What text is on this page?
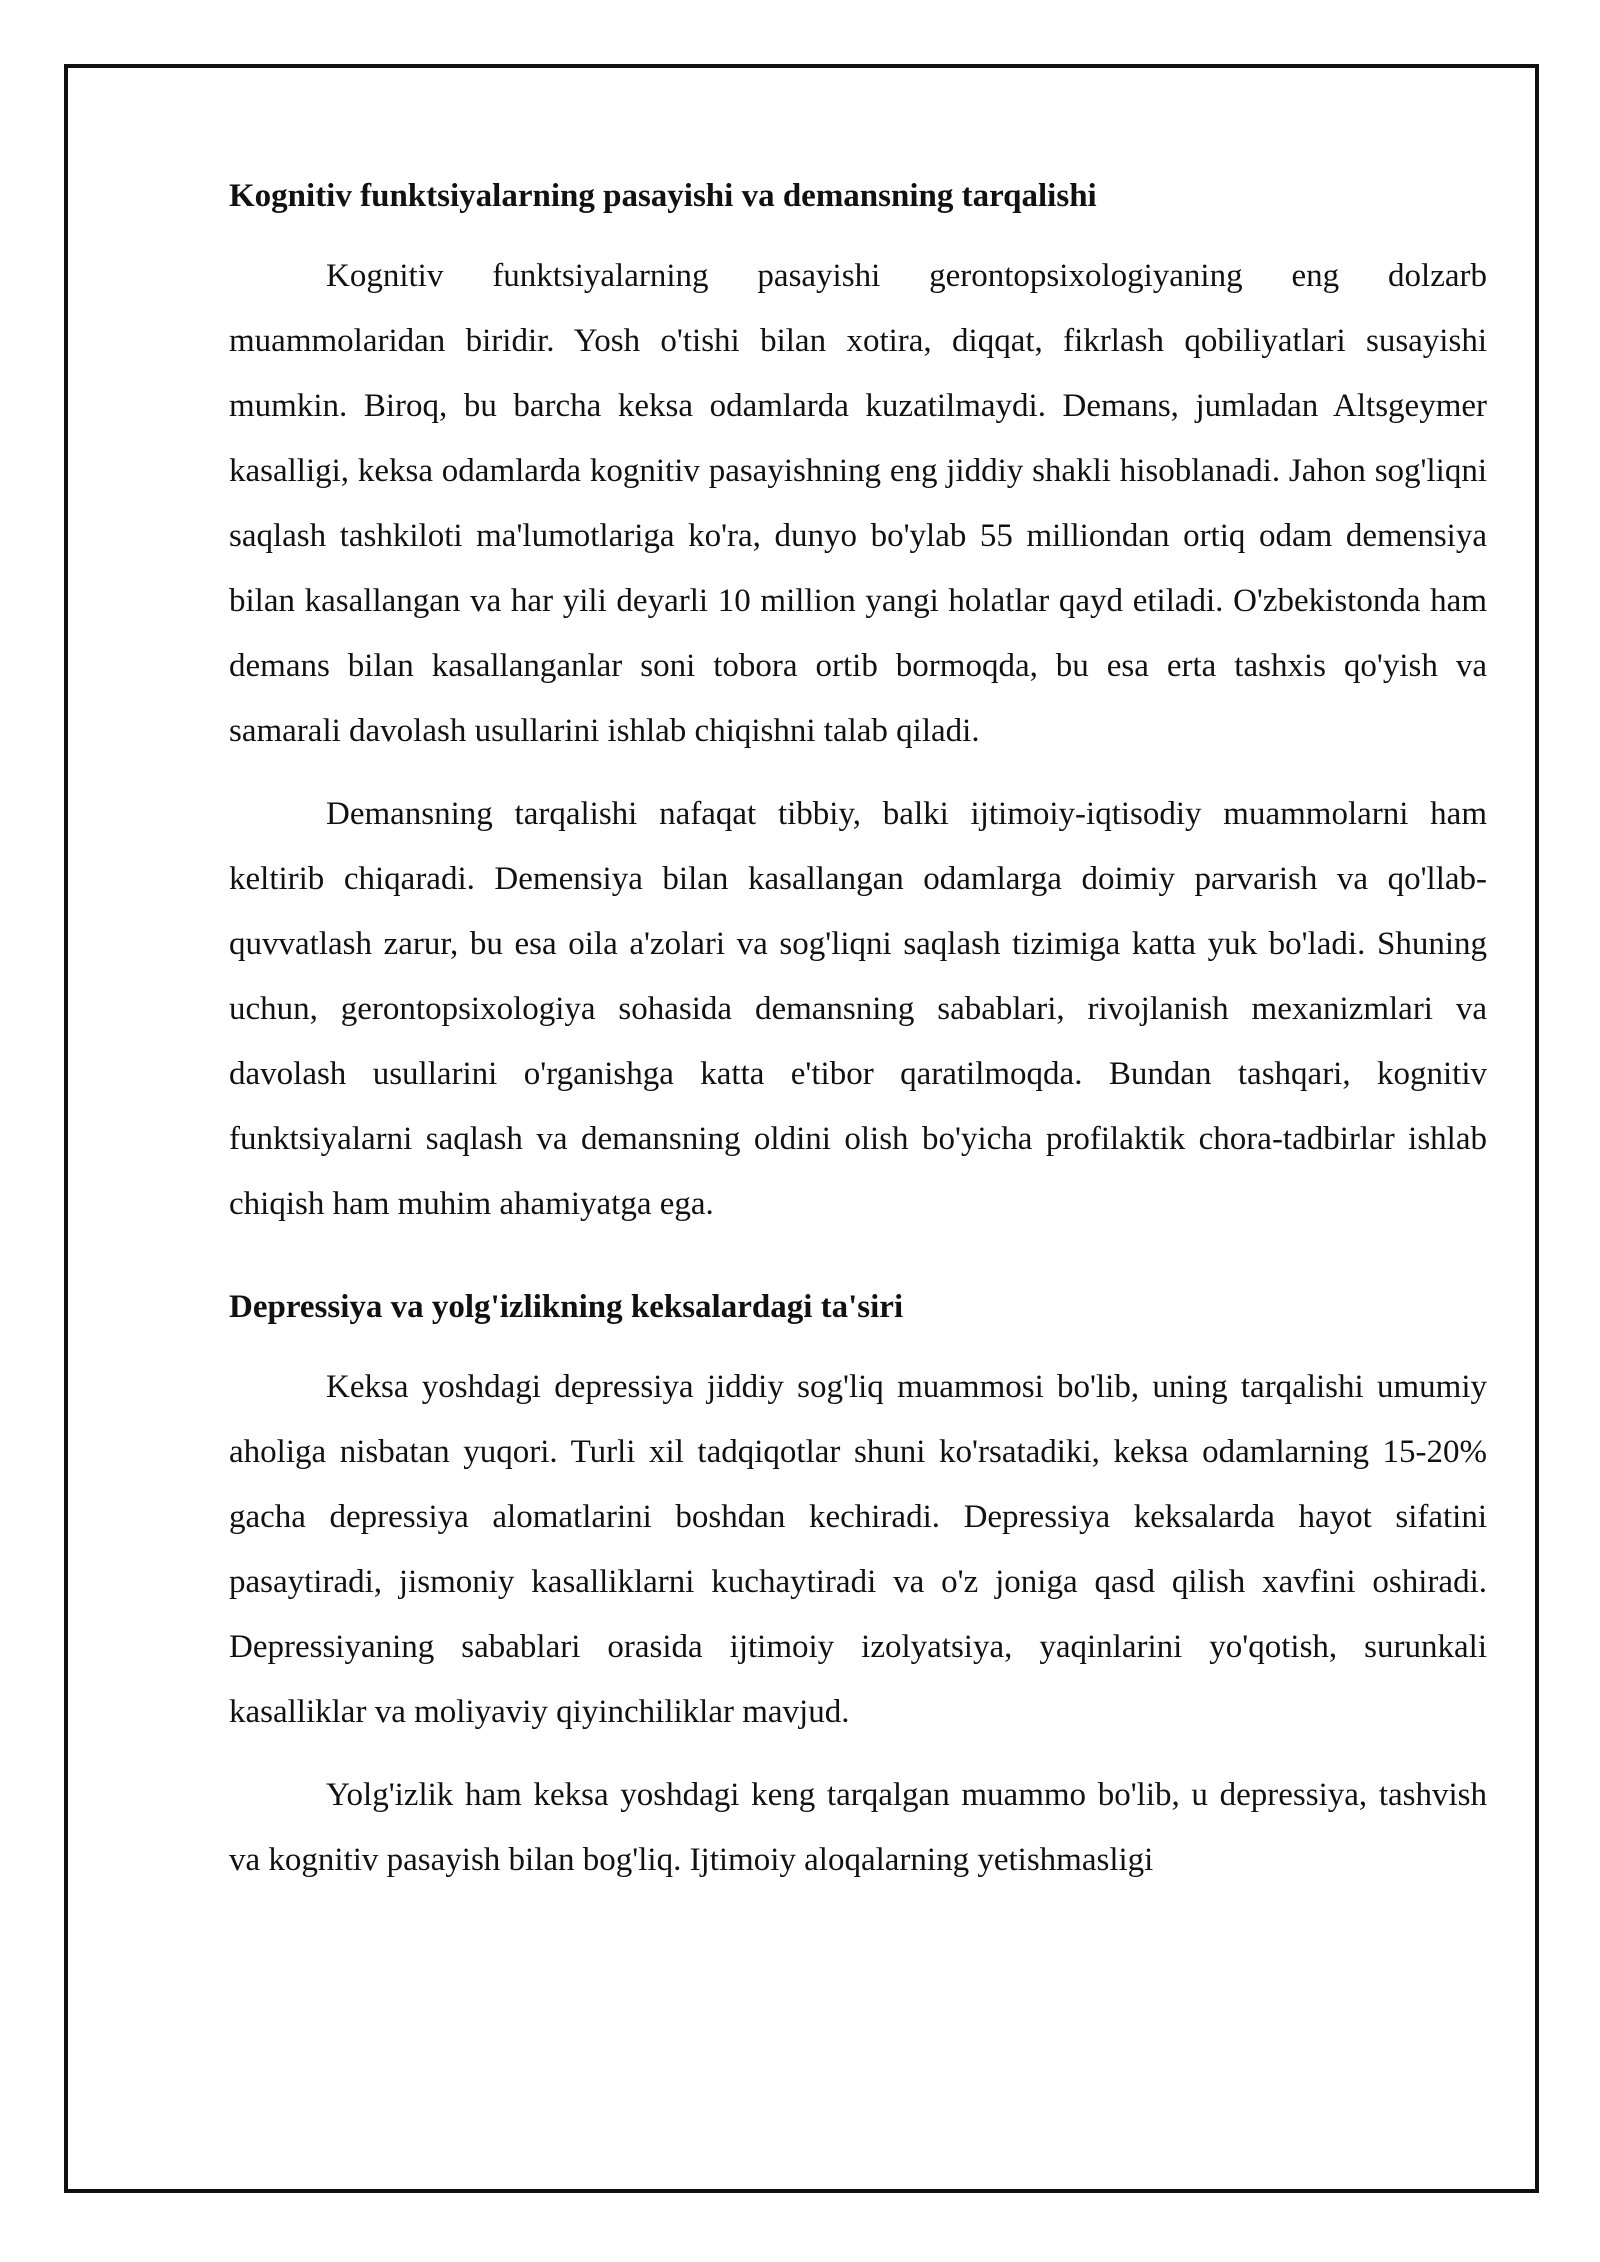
Kognitiv funktsiyalarning pasayishi va demansning tarqalishi

Kognitiv funktsiyalarning pasayishi gerontopsixologiyaning eng dolzarb muammolaridan biridir. Yosh o'tishi bilan xotira, diqqat, fikrlash qobiliyatlari susayishi mumkin. Biroq, bu barcha keksa odamlarda kuzatilmaydi. Demans, jumladan Altsgeymer kasalligi, keksa odamlarda kognitiv pasayishning eng jiddiy shakli hisoblanadi. Jahon sog'liqni saqlash tashkiloti ma'lumotlariga ko'ra, dunyo bo'ylab 55 milliondan ortiq odam demensiya bilan kasallangan va har yili deyarli 10 million yangi holatlar qayd etiladi. O'zbekistonda ham demans bilan kasallanganlar soni tobora ortib bormoqda, bu esa erta tashxis qo'yish va samarali davolash usullarini ishlab chiqishni talab qiladi.

Demansning tarqalishi nafaqat tibbiy, balki ijtimoiy-iqtisodiy muammolarni ham keltirib chiqaradi. Demensiya bilan kasallangan odamlarga doimiy parvarish va qo'llab-quvvatlash zarur, bu esa oila a'zolari va sog'liqni saqlash tizimiga katta yuk bo'ladi. Shuning uchun, gerontopsixologiya sohasida demansning sabablari, rivojlanish mexanizmlari va davolash usullarini o'rganishga katta e'tibor qaratilmoqda. Bundan tashqari, kognitiv funktsiyalarni saqlash va demansning oldini olish bo'yicha profilaktik chora-tadbirlar ishlab chiqish ham muhim ahamiyatga ega.

Depressiya va yolg'izlikning keksalardagi ta'siri

Keksa yoshdagi depressiya jiddiy sog'liq muammosi bo'lib, uning tarqalishi umumiy aholiga nisbatan yuqori. Turli xil tadqiqotlar shuni ko'rsatadiki, keksa odamlarning 15-20% gacha depressiya alomatlarini boshdan kechiradi. Depressiya keksalarda hayot sifatini pasaytiradi, jismoniy kasalliklarni kuchaytiradi va o'z joniga qasd qilish xavfini oshiradi. Depressiyaning sabablari orasida ijtimoiy izolyatsiya, yaqinlarini yo'qotish, surunkali kasalliklar va moliyaviy qiyinchiliklar mavjud.

Yolg'izlik ham keksa yoshdagi keng tarqalgan muammo bo'lib, u depressiya, tashvish va kognitiv pasayish bilan bog'liq. Ijtimoiy aloqalarning yetishmasligi
